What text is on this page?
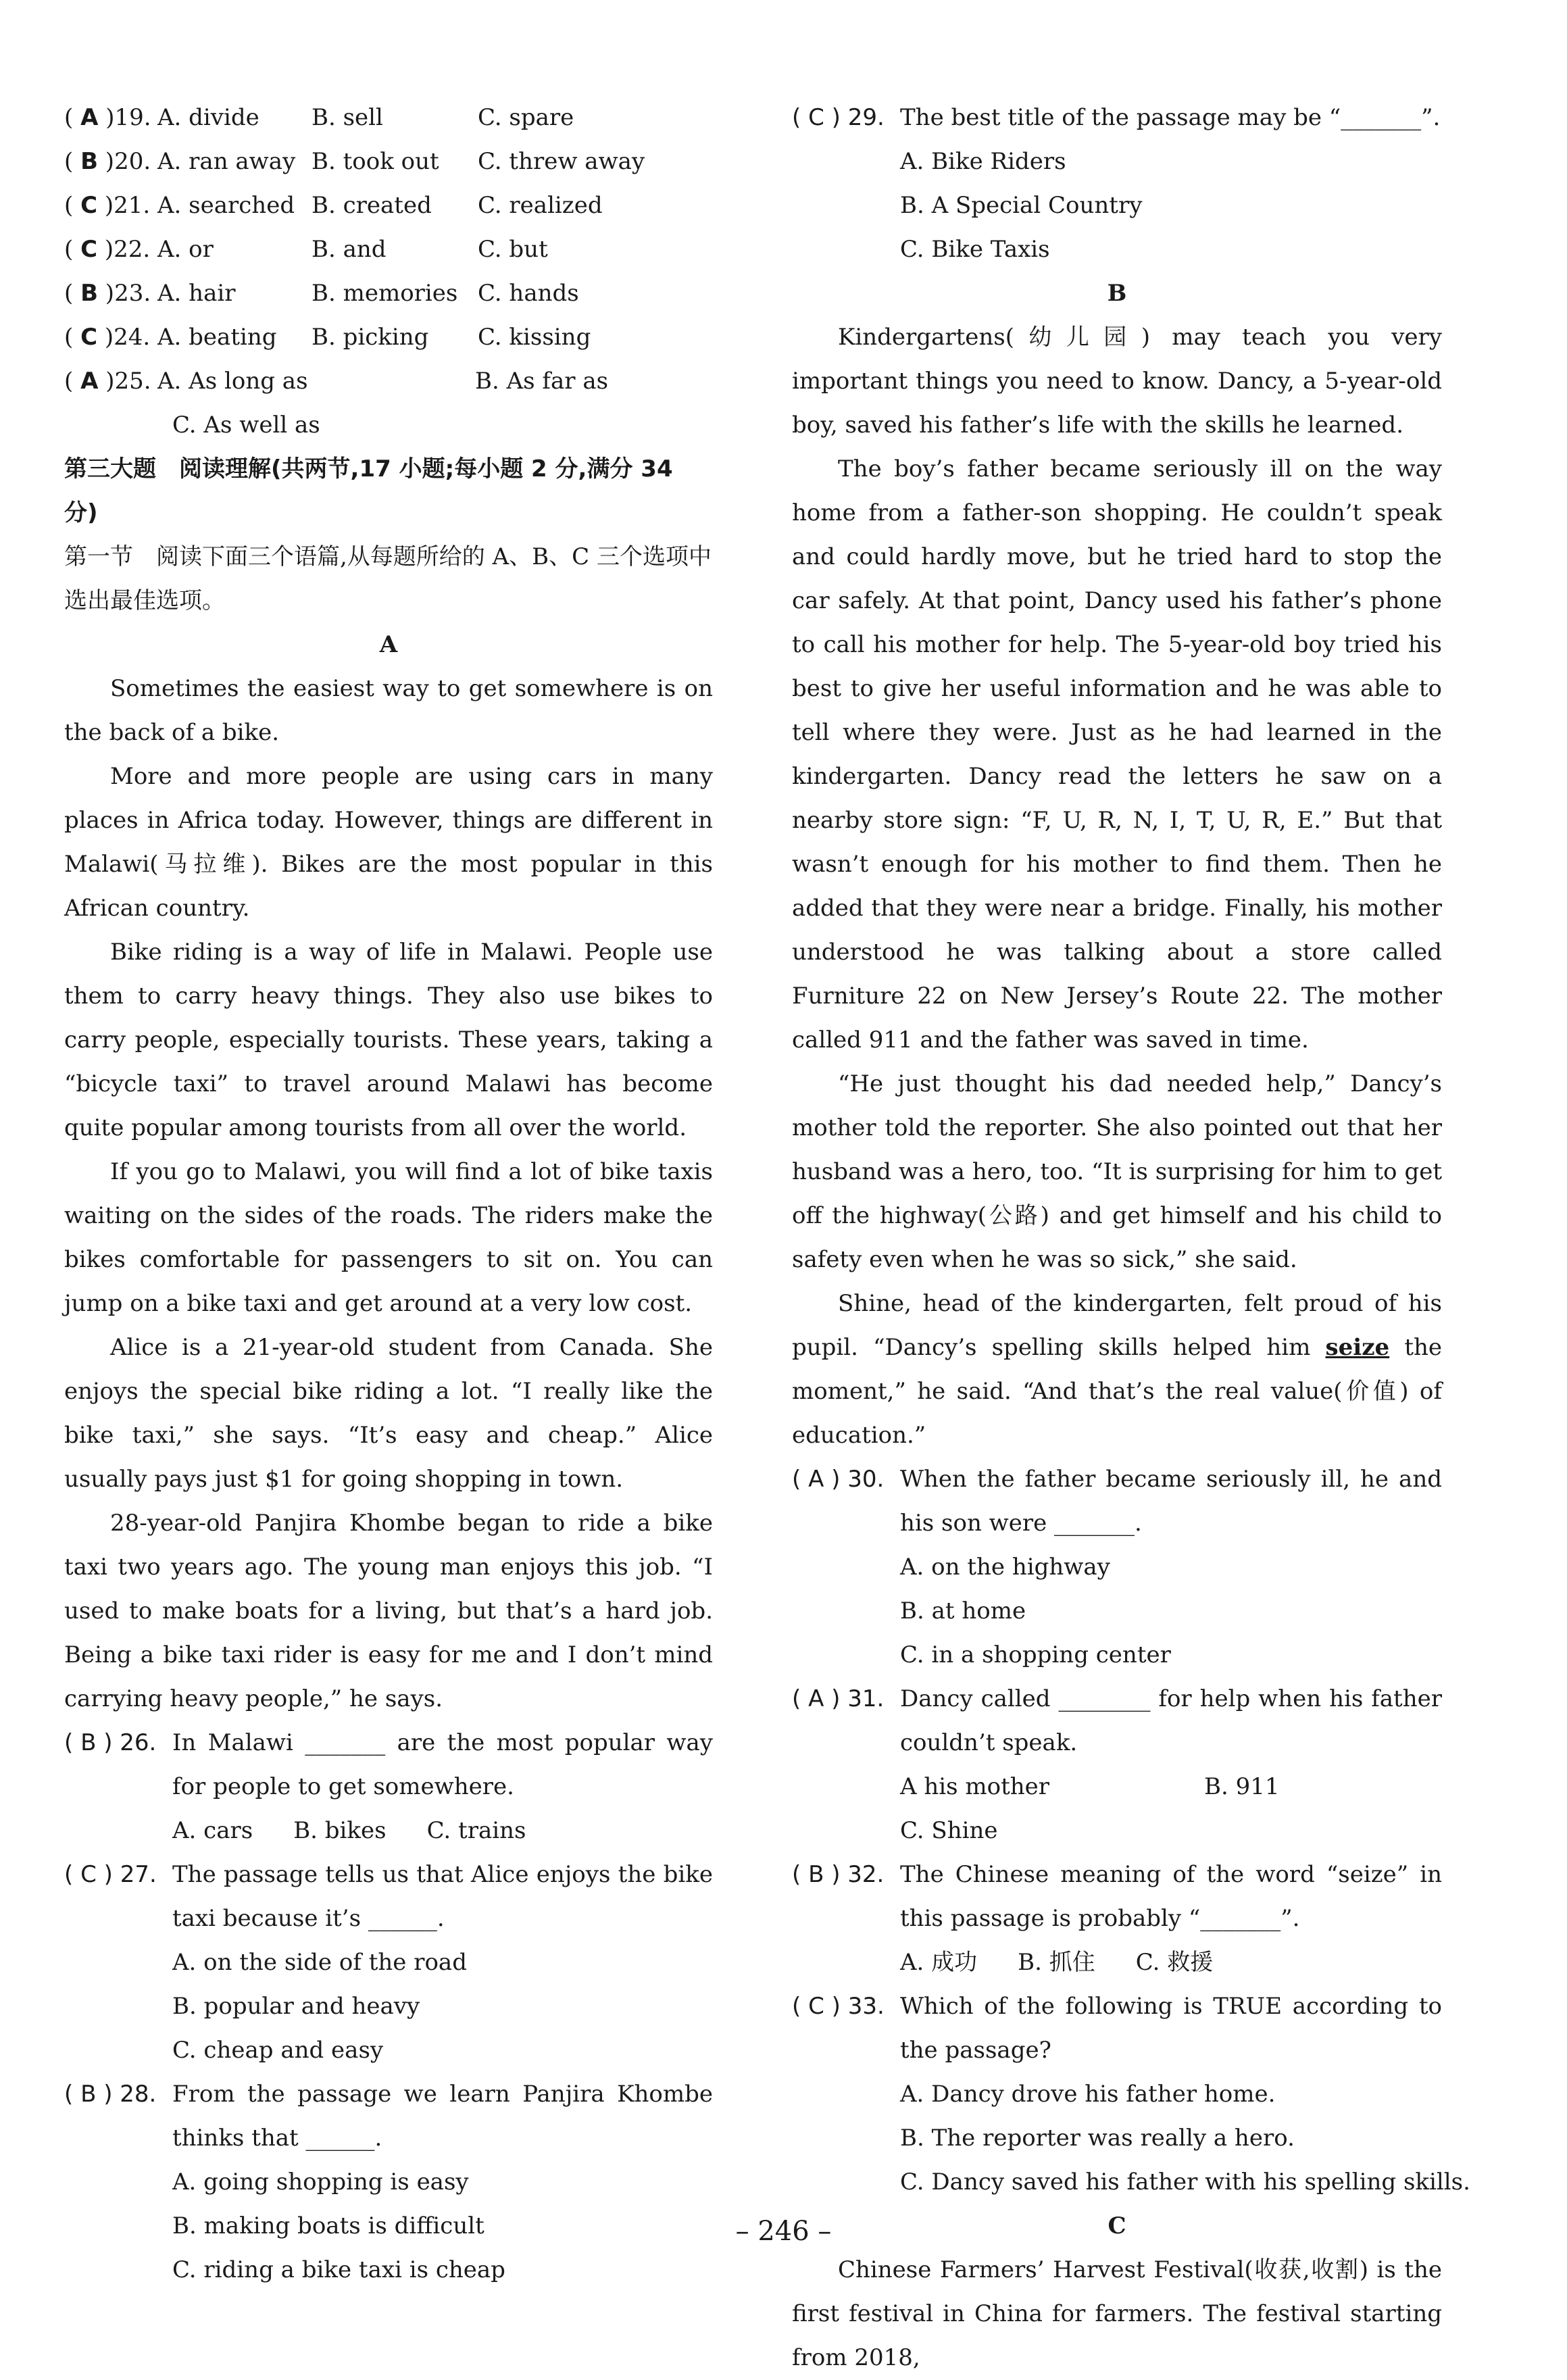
( A )19. A. divide B. sell	C. spare
( B )20. A. ran away B. took out C. threw away
( C )21. A. searched B. created C. realized
( C )22. A. or	B. and	C. but
( B )23. A. hair	B. memories C. hands
( C )24. A. beating B. picking C. kissing
( A )25. A. As long as	B. As far as
C. As well as

第三大题　阅读理解(共两节,17 小题;每小题 2 分,满分 34 分)

第一节　阅读下面三个语篇,从每题所给的 A、B、C 三个选项中选出最佳选项。

A

Sometimes the easiest way to get somewhere is on the back of a bike.

More and more people are using cars in many places in Africa today. However, things are different in Malawi(马拉维). Bikes are the most popular in this African country.

Bike riding is a way of life in Malawi. People use them to carry heavy things. They also use bikes to carry people, especially tourists. These years, taking a “bicycle taxi” to travel around Malawi has become quite popular among tourists from all over the world.

If you go to Malawi, you will find a lot of bike taxis waiting on the sides of the roads. The riders make the bikes comfortable for passengers to sit on. You can jump on a bike taxi and get around at a very low cost.

Alice is a 21-year-old student from Canada. She enjoys the special bike riding a lot. “I really like the bike taxi,” she says. “It’s easy and cheap.” Alice usually pays just $1 for going shopping in town.

28-year-old Panjira Khombe began to ride a bike taxi two years ago. The young man enjoys this job. “I used to make boats for a living, but that’s a hard job. Being a bike taxi rider is easy for me and I don’t mind carrying heavy people,” he says.

( B ) 26. In Malawi _______ are the most popular way for people to get somewhere.

A. cars B. bikes C. trains

( C ) 27. The passage tells us that Alice enjoys the bike taxi because it’s ______.

A. on the side of the road
B. popular and heavy
C. cheap and easy

( B ) 28. From the passage we learn Panjira Khombe thinks that ______.

A. going shopping is easy
B. making boats is difficult
C. riding a bike taxi is cheap

( C ) 29. The best title of the passage may be “_______”.

A. Bike Riders
B. A Special Country
C. Bike Taxis

B

Kindergartens(幼儿园) may teach you very important things you need to know. Dancy, a 5-year-old boy, saved his father’s life with the skills he learned.

The boy’s father became seriously ill on the way home from a father-son shopping. He couldn’t speak and could hardly move, but he tried hard to stop the car safely. At that point, Dancy used his father’s phone to call his mother for help. The 5-year-old boy tried his best to give her useful information and he was able to tell where they were. Just as he had learned in the kindergarten. Dancy read the letters he saw on a nearby store sign: “F, U, R, N, I, T, U, R, E.” But that wasn’t enough for his mother to find them. Then he added that they were near a bridge. Finally, his mother understood he was talking about a store called Furniture 22 on New Jersey’s Route 22. The mother called 911 and the father was saved in time.

“He just thought his dad needed help,” Dancy’s mother told the reporter. She also pointed out that her husband was a hero, too. “It is surprising for him to get off the highway(公路) and get himself and his child to safety even when he was so sick,” she said.

Shine, head of the kindergarten, felt proud of his pupil. “Dancy’s spelling skills helped him seize the moment,” he said. “And that’s the real value(价值) of education.”

( A ) 30. When the father became seriously ill, he and his son were _______.

A. on the highway
B. at home
C. in a shopping center

( A ) 31. Dancy called ________ for help when his father couldn’t speak.

A his mother	B. 911
C. Shine

( B ) 32. The Chinese meaning of the word “seize” in this passage is probably “_______”.

A. 成功 B. 抓住 C. 救援

( C ) 33. Which of the following is TRUE according to the passage?

A. Dancy drove his father home.
B. The reporter was really a hero.
C. Dancy saved his father with his spelling skills.

C

Chinese Farmers’ Harvest Festival(收获,收割) is the first festival in China for farmers. The festival starting from 2018,

– 246 –
